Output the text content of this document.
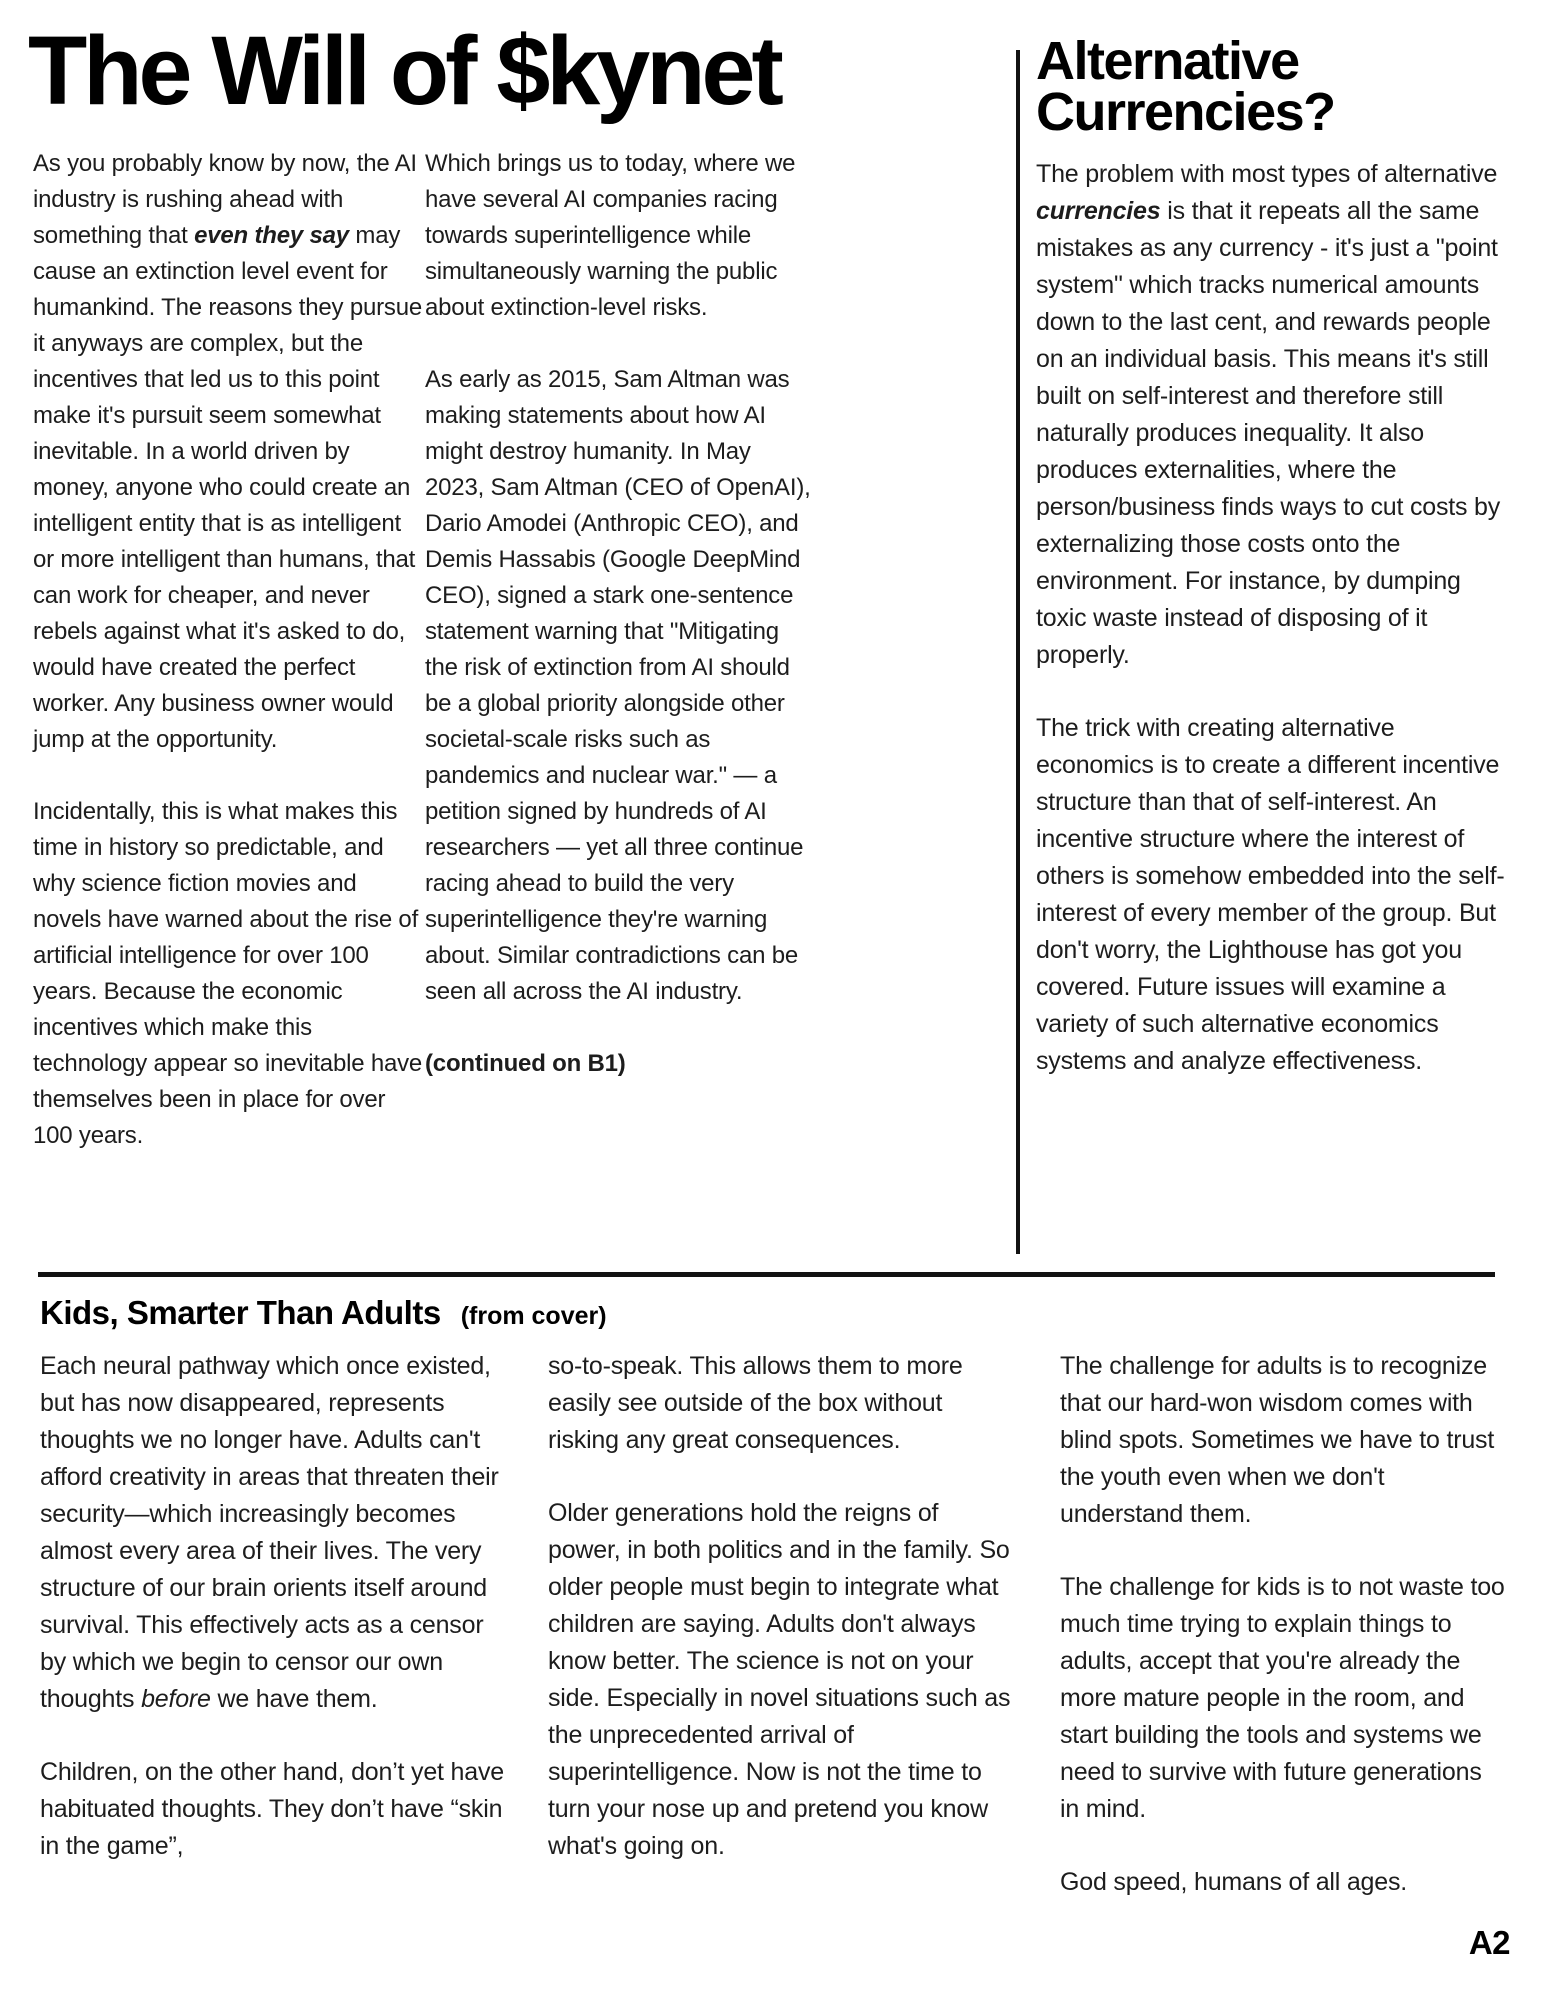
The Will of $kynet

As you probably know by now, the AI industry is rushing ahead with something that even they say may cause an extinction level event for humankind. The reasons they pursue it anyways are complex, but the incentives that led us to this point make it's pursuit seem somewhat inevitable. In a world driven by money, anyone who could create an intelligent entity that is as intelligent or more intelligent than humans, that can work for cheaper, and never rebels against what it's asked to do, would have created the perfect worker. Any business owner would jump at the opportunity.

Incidentally, this is what makes this time in history so predictable, and why science fiction movies and novels have warned about the rise of artificial intelligence for over 100 years. Because the economic incentives which make this technology appear so inevitable have themselves been in place for over 100 years.

Which brings us to today, where we have several AI companies racing towards superintelligence while simultaneously warning the public about extinction-level risks.

As early as 2015, Sam Altman was making statements about how AI might destroy humanity. In May 2023, Sam Altman (CEO of OpenAI), Dario Amodei (Anthropic CEO), and Demis Hassabis (Google DeepMind CEO), signed a stark one-sentence statement warning that "Mitigating the risk of extinction from AI should be a global priority alongside other societal-scale risks such as pandemics and nuclear war." — a petition signed by hundreds of AI researchers — yet all three continue racing ahead to build the very superintelligence they're warning about. Similar contradictions can be seen all across the AI industry.

(continued on B1)

Alternative
Currencies?

The problem with most types of alternative currencies is that it repeats all the same mistakes as any currency - it's just a "point system" which tracks numerical amounts down to the last cent, and rewards people on an individual basis. This means it's still built on self-interest and therefore still naturally produces inequality. It also produces externalities, where the person/business finds ways to cut costs by externalizing those costs onto the environment. For instance, by dumping toxic waste instead of disposing of it properly.

The trick with creating alternative economics is to create a different incentive structure than that of self-interest. An incentive structure where the interest of others is somehow embedded into the self-interest of every member of the group. But don't worry, the Lighthouse has got you covered. Future issues will examine a variety of such alternative economics systems and analyze effectiveness.

Kids, Smarter Than Adults (from cover)

Each neural pathway which once existed, but has now disappeared, represents thoughts we no longer have. Adults can't afford creativity in areas that threaten their security—which increasingly becomes almost every area of their lives. The very structure of our brain orients itself around survival. This effectively acts as a censor by which we begin to censor our own thoughts before we have them.

Children, on the other hand, don’t yet have habituated thoughts. They don’t have “skin in the game”,

so-to-speak. This allows them to more easily see outside of the box without risking any great consequences.

Older generations hold the reigns of power, in both politics and in the family. So older people must begin to integrate what children are saying. Adults don't always know better. The science is not on your side. Especially in novel situations such as the unprecedented arrival of superintelligence. Now is not the time to turn your nose up and pretend you know what's going on.

The challenge for adults is to recognize that our hard-won wisdom comes with blind spots. Sometimes we have to trust the youth even when we don't understand them.

The challenge for kids is to not waste too much time trying to explain things to adults, accept that you're already the more mature people in the room, and start building the tools and systems we need to survive with future generations in mind.

God speed, humans of all ages.

A2
